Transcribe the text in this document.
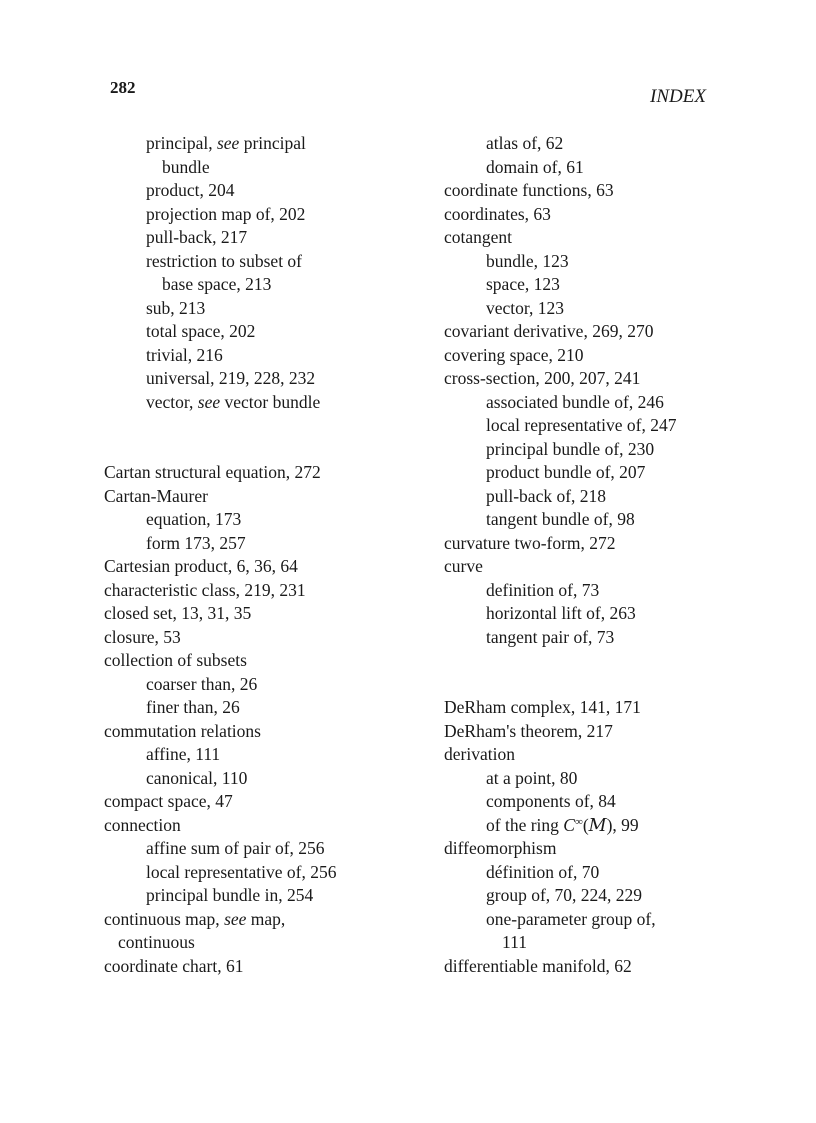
282	INDEX
principal, see principal
bundle
product, 204
projection map of, 202
pull-back, 217
restriction to subset of
base space, 213
sub, 213
total space, 202
trivial, 216
universal, 219, 228, 232
vector, see vector bundle
Cartan structural equation, 272
Cartan-Maurer
equation, 173
form 173, 257
Cartesian product, 6, 36, 64
characteristic class, 219, 231
closed set, 13, 31, 35
closure, 53
collection of subsets
coarser than, 26
finer than, 26
commutation relations
affine, 111
canonical, 110
compact space, 47
connection
affine sum of pair of, 256
local representative of, 256
principal bundle in, 254
continuous map, see map,
continuous
coordinate chart, 61
atlas of, 62
domain of, 61
coordinate functions, 63
coordinates, 63
cotangent
bundle, 123
space, 123
vector, 123
covariant derivative, 269, 270
covering space, 210
cross-section, 200, 207, 241
associated bundle of, 246
local representative of, 247
principal bundle of, 230
product bundle of, 207
pull-back of, 218
tangent bundle of, 98
curvature two-form, 272
curve
definition of, 73
horizontal lift of, 263
tangent pair of, 73
DeRham complex, 141, 171
DeRham's theorem, 217
derivation
at a point, 80
components of, 84
of the ring C∞(M), 99
diffeomorphism
définition of, 70
group of, 70, 224, 229
one-parameter group of,
111
differentiable manifold, 62
